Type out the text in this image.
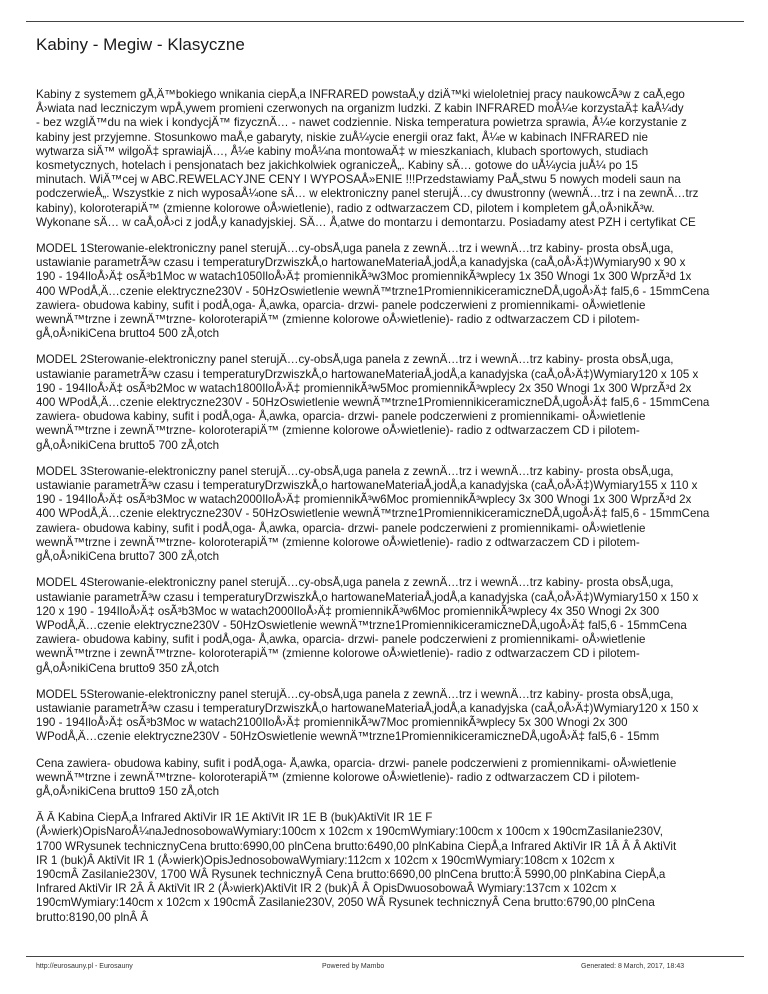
Kabiny - Megiw - Klasyczne

Kabiny z systemem gÅ‚Ä™bokiego wnikania ciepÅ‚a INFRARED powstaÅ‚y dziÄ™ki wieloletniej pracy naukowcÃ³w z caÅ‚ego
Å›wiata nad leczniczym wpÅ‚ywem promieni czerwonych na organizm ludzki. Z kabin INFRARED moÅ¼e korzystaÄ‡ kaÅ¼dy
- bez wzglÄ™du na wiek i kondycjÄ™ fizycznÄ… - nawet codziennie. Niska temperatura powietrza sprawia, Å¼e korzystanie z
kabiny jest przyjemne. Stosunkowo maÅ‚e gabaryty, niskie zuÅ¼ycie energii oraz fakt, Å¼e w kabinach INFRARED nie
wytwarza siÄ™ wilgoÄ‡ sprawiajÄ…, Å¼e kabiny moÅ¼na montowaÄ‡ w mieszkaniach, klubach sportowych, studiach
kosmetycznych, hotelach i pensjonatach bez jakichkolwiek ograniczeÅ„. Kabiny sÄ… gotowe do uÅ¼ycia juÅ¼ po 15
minutach. WiÄ™cej w ABC.REWELACYJNE CENY I WYPOSAÅ»ENIE !!!Przedstawiamy PaÅ„stwu 5 nowych modeli saun na
podczerwieÅ„. Wszystkie z nich wyposaÅ¼one sÄ… w elektroniczny panel sterujÄ…cy dwustronny (wewnÄ…trz i na zewnÄ…trz
kabiny), koloroterapiÄ™ (zmienne kolorowe oÅ›wietlenie), radio z odtwarzaczem CD, pilotem i kompletem gÅ‚oÅ›nikÃ³w.
Wykonane sÄ… w caÅ‚oÅ›ci z jodÅ‚y kanadyjskiej. SÄ… Å‚atwe do montarzu i demontarzu. Posiadamy atest PZH i certyfikat CE

MODEL 1Sterowanie-elektroniczny panel sterujÄ…cy-obsÅ‚uga panela z zewnÄ…trz i wewnÄ…trz kabiny- prosta obsÅ‚uga,
ustawianie parametrÃ³w czasu i temperaturyDrzwiszkÅ‚o hartowaneMateriaÅ‚jodÅ‚a kanadyjska (caÅ‚oÅ›Ä‡)Wymiary90 x 90 x
190 - 194IloÅ›Ä‡ osÃ³b1Moc w watach1050IloÅ›Ä‡ promiennikÃ³w3Moc promiennikÃ³wplecy 1x 350 Wnogi 1x 300 WprzÃ³d 1x
400 WPodÅ‚Ä…czenie elektryczne230V - 50HzOswietlenie wewnÄ™trzne1PromiennikiceramiczneDÅ‚ugoÅ›Ä‡ fal5,6 - 15mmCena
zawiera- obudowa kabiny, sufit i podÅ‚oga- Å‚awka, oparcia- drzwi- panele podczerwieni z promiennikami- oÅ›wietlenie
wewnÄ™trzne i zewnÄ™trzne- koloroterapiÄ™ (zmienne kolorowe oÅ›wietlenie)- radio z odtwarzaczem CD i pilotem-
gÅ‚oÅ›nikiCena brutto4 500 zÅ‚otch

MODEL 2Sterowanie-elektroniczny panel sterujÄ…cy-obsÅ‚uga panela z zewnÄ…trz i wewnÄ…trz kabiny- prosta obsÅ‚uga,
ustawianie parametrÃ³w czasu i temperaturyDrzwiszkÅ‚o hartowaneMateriaÅ‚jodÅ‚a kanadyjska (caÅ‚oÅ›Ä‡)Wymiary120 x 105 x
190 - 194IloÅ›Ä‡ osÃ³b2Moc w watach1800IloÅ›Ä‡ promiennikÃ³w5Moc promiennikÃ³wplecy 2x 350 Wnogi 1x 300 WprzÃ³d 2x
400 WPodÅ‚Ä…czenie elektryczne230V - 50HzOswietlenie wewnÄ™trzne1PromiennikiceramiczneDÅ‚ugoÅ›Ä‡ fal5,6 - 15mmCena
zawiera- obudowa kabiny, sufit i podÅ‚oga- Å‚awka, oparcia- drzwi- panele podczerwieni z promiennikami- oÅ›wietlenie
wewnÄ™trzne i zewnÄ™trzne- koloroterapiÄ™ (zmienne kolorowe oÅ›wietlenie)- radio z odtwarzaczem CD i pilotem-
gÅ‚oÅ›nikiCena brutto5 700 zÅ‚otch

MODEL 3Sterowanie-elektroniczny panel sterujÄ…cy-obsÅ‚uga panela z zewnÄ…trz i wewnÄ…trz kabiny- prosta obsÅ‚uga,
ustawianie parametrÃ³w czasu i temperaturyDrzwiszkÅ‚o hartowaneMateriaÅ‚jodÅ‚a kanadyjska (caÅ‚oÅ›Ä‡)Wymiary155 x 110 x
190 - 194IloÅ›Ä‡ osÃ³b3Moc w watach2000IloÅ›Ä‡ promiennikÃ³w6Moc promiennikÃ³wplecy 3x 300 Wnogi 1x 300 WprzÃ³d 2x
400 WPodÅ‚Ä…czenie elektryczne230V - 50HzOswietlenie wewnÄ™trzne1PromiennikiceramiczneDÅ‚ugoÅ›Ä‡ fal5,6 - 15mmCena
zawiera- obudowa kabiny, sufit i podÅ‚oga- Å‚awka, oparcia- drzwi- panele podczerwieni z promiennikami- oÅ›wietlenie
wewnÄ™trzne i zewnÄ™trzne- koloroterapiÄ™ (zmienne kolorowe oÅ›wietlenie)- radio z odtwarzaczem CD i pilotem-
gÅ‚oÅ›nikiCena brutto7 300 zÅ‚otch

MODEL 4Sterowanie-elektroniczny panel sterujÄ…cy-obsÅ‚uga panela z zewnÄ…trz i wewnÄ…trz kabiny- prosta obsÅ‚uga,
ustawianie parametrÃ³w czasu i temperaturyDrzwiszkÅ‚o hartowaneMateriaÅ‚jodÅ‚a kanadyjska (caÅ‚oÅ›Ä‡)Wymiary150 x 150 x
120 x 190 - 194IloÅ›Ä‡ osÃ³b3Moc w watach2000IloÅ›Ä‡ promiennikÃ³w6Moc promiennikÃ³wplecy 4x 350 Wnogi 2x 300
WPodÅ‚Ä…czenie elektryczne230V - 50HzOswietlenie wewnÄ™trzne1PromiennikiceramiczneDÅ‚ugoÅ›Ä‡ fal5,6 - 15mmCena
zawiera- obudowa kabiny, sufit i podÅ‚oga- Å‚awka, oparcia- drzwi- panele podczerwieni z promiennikami- oÅ›wietlenie
wewnÄ™trzne i zewnÄ™trzne- koloroterapiÄ™ (zmienne kolorowe oÅ›wietlenie)- radio z odtwarzaczem CD i pilotem-
gÅ‚oÅ›nikiCena brutto9 350 zÅ‚otch

MODEL 5Sterowanie-elektroniczny panel sterujÄ…cy-obsÅ‚uga panela z zewnÄ…trz i wewnÄ…trz kabiny- prosta obsÅ‚uga,
ustawianie parametrÃ³w czasu i temperaturyDrzwiszkÅ‚o hartowaneMateriaÅ‚jodÅ‚a kanadyjska (caÅ‚oÅ›Ä‡)Wymiary120 x 150 x
190 - 194IloÅ›Ä‡ osÃ³b3Moc w watach2100IloÅ›Ä‡ promiennikÃ³w7Moc promiennikÃ³wplecy 5x 300 Wnogi 2x 300
WPodÅ‚Ä…czenie elektryczne230V - 50HzOswietlenie wewnÄ™trzne1PromiennikiceramiczneDÅ‚ugoÅ›Ä‡ fal5,6 - 15mm

Cena zawiera- obudowa kabiny, sufit i podÅ‚oga- Å‚awka, oparcia- drzwi- panele podczerwieni z promiennikami- oÅ›wietlenie
wewnÄ™trzne i zewnÄ™trzne- koloroterapiÄ™ (zmienne kolorowe oÅ›wietlenie)- radio z odtwarzaczem CD i pilotem-
gÅ‚oÅ›nikiCena brutto9 150 zÅ‚otch

Â Â Kabina CiepÅ‚a Infrared AktiVir IR 1E AktiVit IR 1E B (buk)AktiVit IR 1E F
(Å›wierk)OpisNaroÅ¼naJednosobowaWymiary:100cm x 102cm x 190cmWymiary:100cm x 100cm x 190cmZasilanie230V,
1700 WRysunek technicznyCena brutto:6990,00 plnCena brutto:6490,00 plnKabina CiepÅ‚a Infrared AktiVir IR 1Â Â Â AktiVit
IR 1 (buk)Â AktiVit IR 1 (Å›wierk)OpisJednosobowaWymiary:112cm x 102cm x 190cmWymiary:108cm x 102cm x
190cmÂ Zasilanie230V, 1700 WÂ Rysunek technicznyÂ Cena brutto:6690,00 plnCena brutto:Â 5990,00 plnKabina CiepÅ‚a
Infrared AktiVir IR 2Â Â AktiVit IR 2 (Å›wierk)AktiVit IR 2 (buk)Â Â OpisDwuosobowaÂ Wymiary:137cm x 102cm x
190cmWymiary:140cm x 102cm x 190cmÂ Zasilanie230V, 2050 WÂ Rysunek technicznyÂ Cena brutto:6790,00 plnCena
brutto:8190,00 plnÂ Â

http://eurosauny.pl - Eurosauny	Powered by Mambo	Generated: 8 March, 2017, 18:43
